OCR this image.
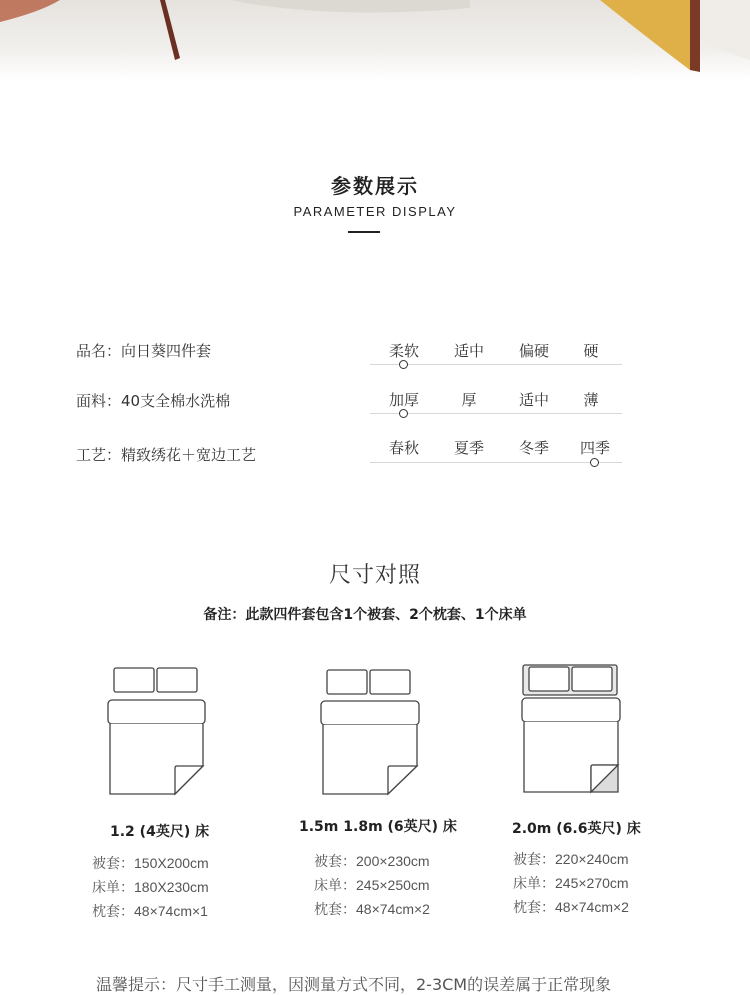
参数展示
PARAMETER DISPLAY
品名：向日葵四件套
面料：40支全棉水洗棉
工艺：精致绣花＋宽边工艺
柔软	适中	偏硬	硬
加厚	厚	适中	薄
春秋	夏季	冬季	四季
尺寸对照
备注：此款四件套包含1个被套、2个枕套、1个床单
1.2 (4英尺) 床
被套：150X200cm
床单：180X230cm
枕套：48×74cm×1
1.5m 1.8m (6英尺) 床
被套：200×230cm
床单：245×250cm
枕套：48×74cm×2
2.0m (6.6英尺) 床
被套：220×240cm
床单：245×270cm
枕套：48×74cm×2
温馨提示：尺寸手工测量，因测量方式不同，2-3CM的误差属于正常现象
